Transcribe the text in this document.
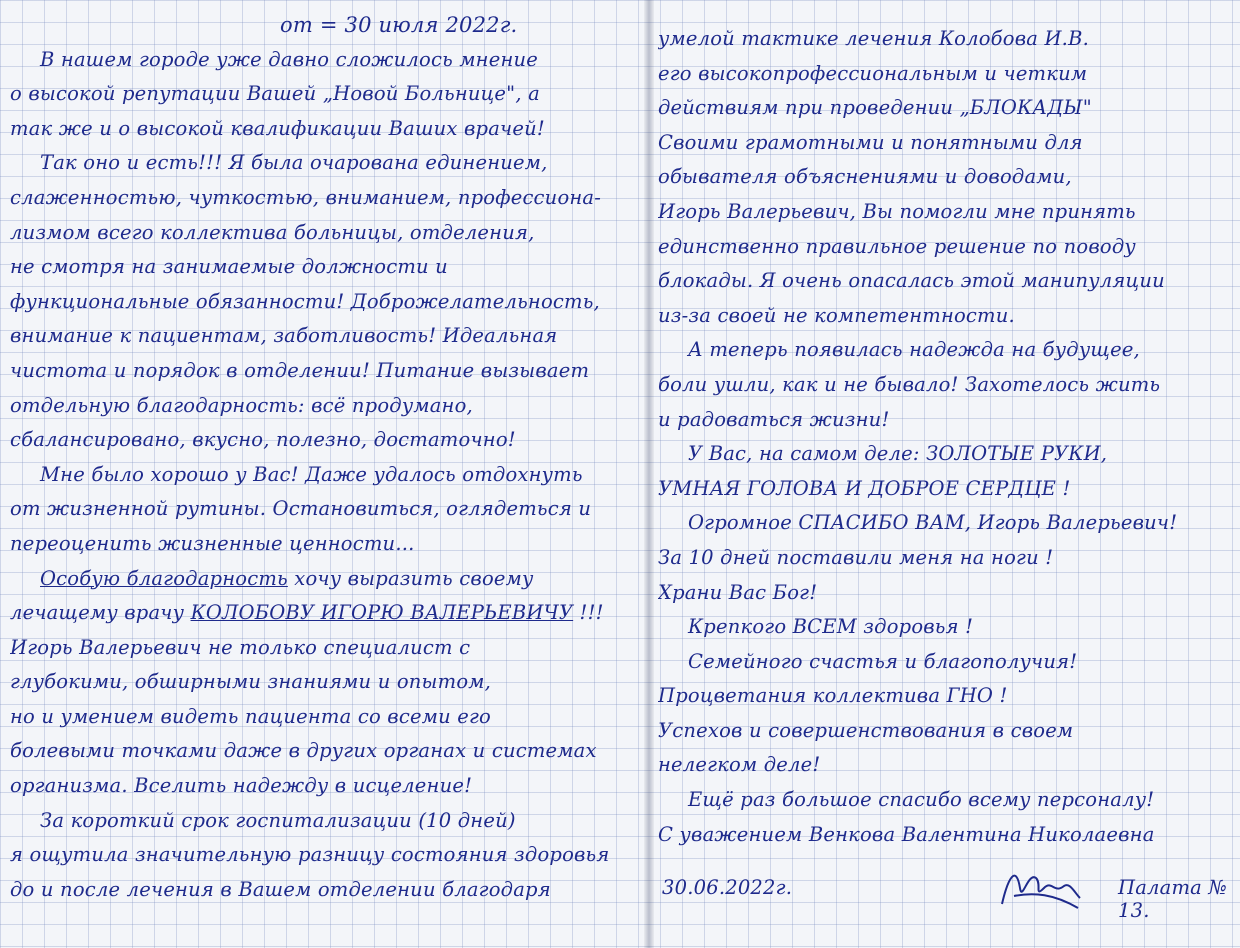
от = 30 июля 2022г.
В нашем городе уже давно сложилось мнение
о высокой репутации Вашей „Новой Больнице", а
так же и о высокой квалификации Ваших врачей!
Так оно и есть!!! Я была очарована единением,
слаженностью, чуткостью, вниманием, профессиона-
лизмом всего коллектива больницы, отделения,
не смотря на занимаемые должности и
функциональные обязанности! Доброжелательность,
внимание к пациентам, заботливость! Идеальная
чистота и порядок в отделении! Питание вызывает
отдельную благодарность: всё продумано,
сбалансировано, вкусно, полезно, достаточно!
Мне было хорошо у Вас! Даже удалось отдохнуть
от жизненной рутины. Остановиться, оглядеться и
переоценить жизненные ценности...
Особую благодарность хочу выразить своему
лечащему врачу КОЛОБОВУ ИГОРЮ ВАЛЕРЬЕВИЧУ !!!
Игорь Валерьевич не только специалист с
глубокими, обширными знаниями и опытом,
но и умением видеть пациента со всеми его
болевыми точками даже в других органах и системах
организма. Вселить надежду в исцеление!
За короткий срок госпитализации (10 дней)
я ощутила значительную разницу состояния здоровья
до и после лечения в Вашем отделении благодаря
умелой тактике лечения Колобова И.В.
его высокопрофессиональным и четким
действиям при проведении „БЛОКАДЫ"
Своими грамотными и понятными для
обывателя объяснениями и доводами,
Игорь Валерьевич, Вы помогли мне принять
единственно правильное решение по поводу
блокады. Я очень опасалась этой манипуляции
из-за своей не компетентности.
А теперь появилась надежда на будущее,
боли ушли, как и не бывало! Захотелось жить
и радоваться жизни!
У Вас, на самом деле: ЗОЛОТЫЕ РУКИ,
УМНАЯ ГОЛОВА И ДОБРОЕ СЕРДЦЕ !
Огромное СПАСИБО ВАМ, Игорь Валерьевич!
За 10 дней поставили меня на ноги !
Храни Вас Бог!
Крепкого ВСЕМ здоровья !
Семейного счастья и благополучия!
Процветания коллектива ГНО !
Успехов и совершенствования в своем
нелегком деле!
Ещё раз большое спасибо всему персоналу!
С уважением Венкова Валентина Николаевна
30.06.2022г.	Палата № 13.
